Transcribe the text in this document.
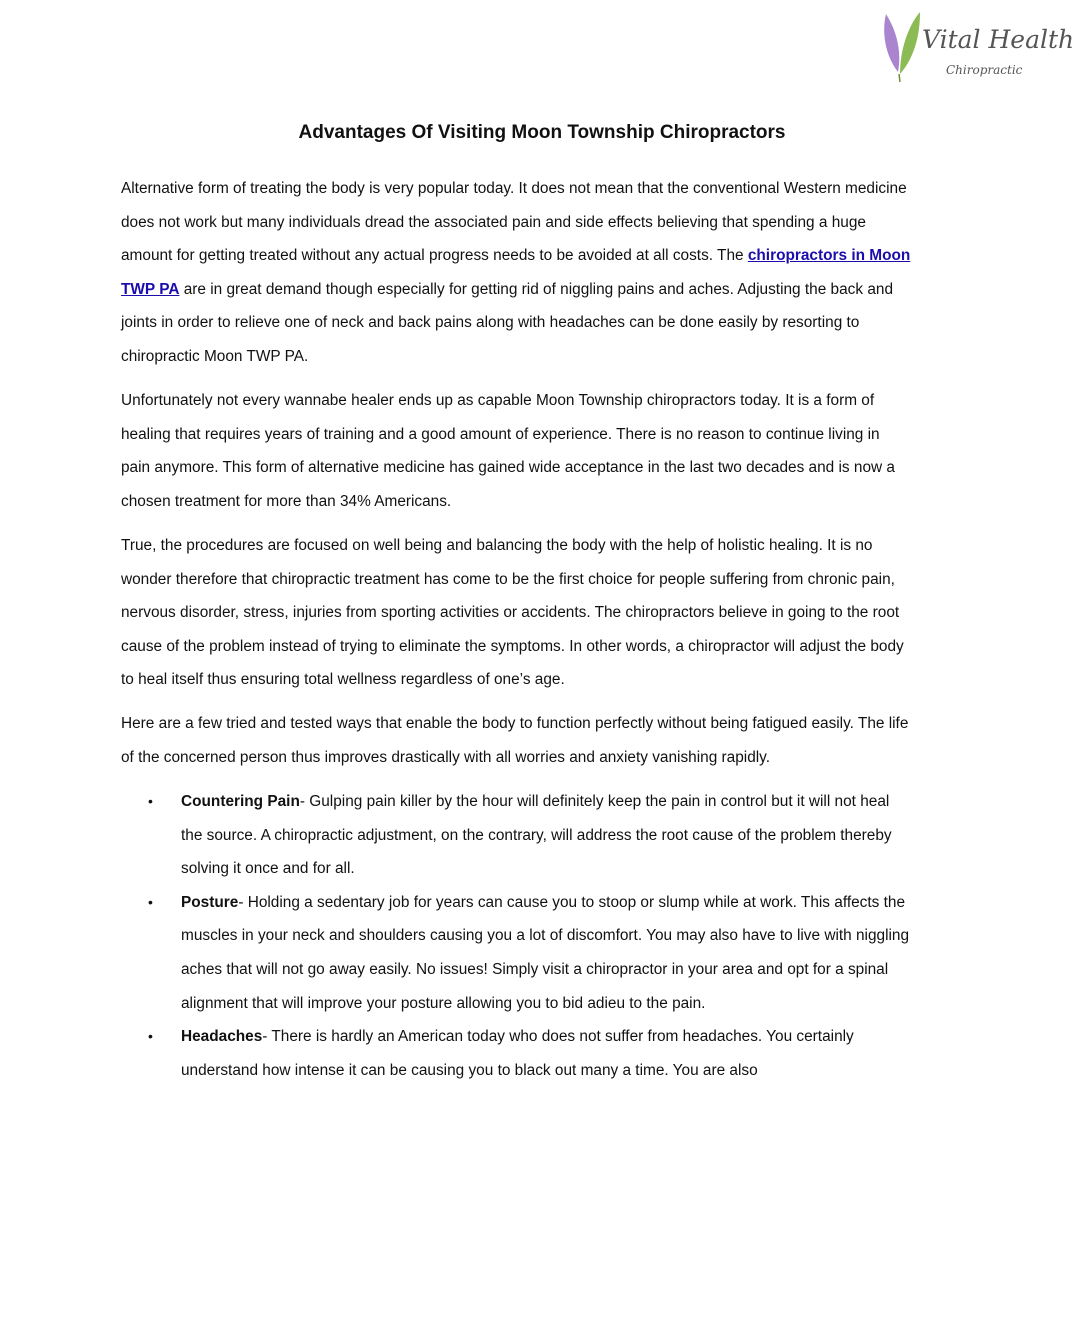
Vital Health
Chiropractic
Advantages Of Visiting Moon Township Chiropractors

Alternative form of treating the body is very popular today. It does not mean that the conventional Western medicine does not work but many individuals dread the associated pain and side effects believing that spending a huge amount for getting treated without any actual progress needs to be avoided at all costs. The chiropractors in Moon TWP PA are in great demand though especially for getting rid of niggling pains and aches. Adjusting the back and joints in order to relieve one of neck and back pains along with headaches can be done easily by resorting to chiropractic Moon TWP PA.

Unfortunately not every wannabe healer ends up as capable Moon Township chiropractors today. It is a form of healing that requires years of training and a good amount of experience. There is no reason to continue living in pain anymore. This form of alternative medicine has gained wide acceptance in the last two decades and is now a chosen treatment for more than 34% Americans.

True, the procedures are focused on well being and balancing the body with the help of holistic healing. It is no wonder therefore that chiropractic treatment has come to be the first choice for people suffering from chronic pain, nervous disorder, stress, injuries from sporting activities or accidents. The chiropractors believe in going to the root cause of the problem instead of trying to eliminate the symptoms. In other words, a chiropractor will adjust the body to heal itself thus ensuring total wellness regardless of one’s age.

Here are a few tried and tested ways that enable the body to function perfectly without being fatigued easily. The life of the concerned person thus improves drastically with all worries and anxiety vanishing rapidly.

• Countering Pain- Gulping pain killer by the hour will definitely keep the pain in control but it will not heal the source. A chiropractic adjustment, on the contrary, will address the root cause of the problem thereby solving it once and for all.
• Posture- Holding a sedentary job for years can cause you to stoop or slump while at work. This affects the muscles in your neck and shoulders causing you a lot of discomfort. You may also have to live with niggling aches that will not go away easily. No issues! Simply visit a chiropractor in your area and opt for a spinal alignment that will improve your posture allowing you to bid adieu to the pain.
• Headaches- There is hardly an American today who does not suffer from headaches. You certainly understand how intense it can be causing you to black out many a time. You are also
